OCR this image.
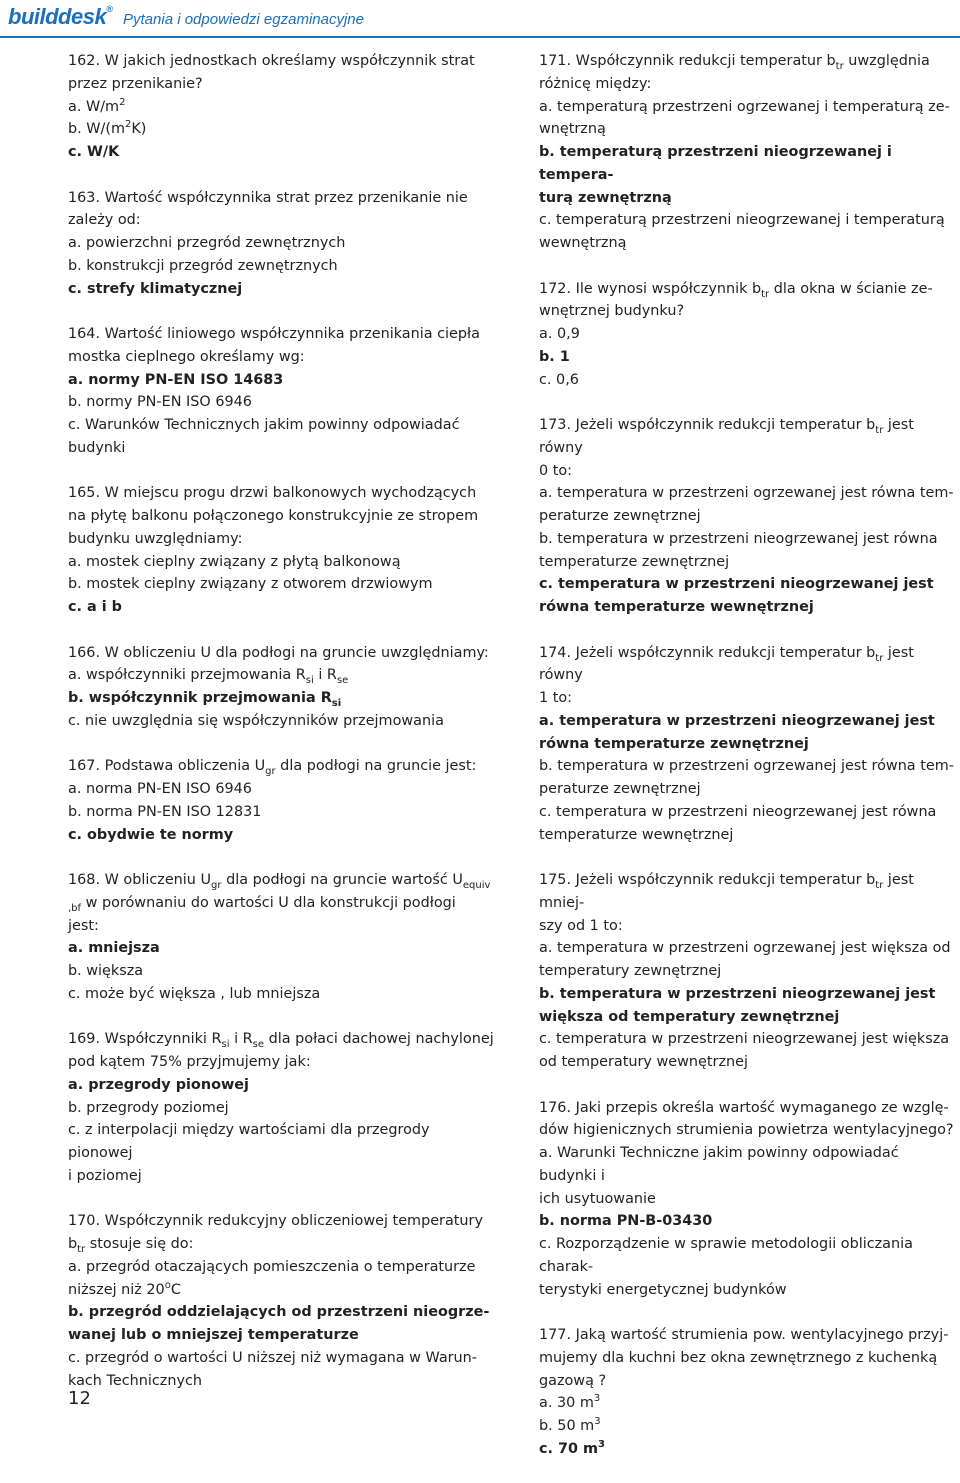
builddesk®
Pytania i odpowiedzi egzaminacyjne
162. W jakich jednostkach określamy współczynnik strat
przez przenikanie?
a. $W/m^2$
b. $W/(m^2K)$
c. W/K
163. Wartość współczynnika strat przez przenikanie nie
zależy od:
a. powierzchni przegród zewnętrznych
b. konstrukcji przegród zewnętrznych
c. strefy klimatycznej
164. Wartość liniowego współczynnika przenikania ciepła
mostka cieplnego określamy wg:
a. normy PN-EN ISO 14683
b. normy PN-EN ISO 6946
c. Warunków Technicznych jakim powinny odpowiadać
budynki
165. W miejscu progu drzwi balkonowych wychodzących
na płytę balkonu połączonego konstrukcyjnie ze stropem
budynku uwzględniamy:
a. mostek cieplny związany z płytą balkonową
b. mostek cieplny związany z otworem drzwiowym
c. a i b
166. W obliczeniu U dla podłogi na gruncie uwzględniamy:
a. współczynniki przejmowania $R_{si}$ i $R_{se}$
b. współczynnik przejmowania $R_{si}$
c. nie uwzględnia się współczynników przejmowania
167. Podstawa obliczenia $U_{gr}$ dla podłogi na gruncie jest:
a. norma PN-EN ISO 6946
b. norma PN-EN ISO 12831
c. obydwie te normy
168. W obliczeniu $U_{gr}$ dla podłogi na gruncie wartość $U_{equiv}$
$_{,bf}$ w porównaniu do wartości U dla konstrukcji podłogi
jest:
a. mniejsza
b. większa
c. może być większa , lub mniejsza
169. Współczynniki $R_{si}$ i $R_{se}$ dla połaci dachowej nachylonej
pod kątem 75% przyjmujemy jak:
a. przegrody pionowej
b. przegrody poziomej
c. z interpolacji między wartościami dla przegrody pionowej
i poziomej
170. Współczynnik redukcyjny obliczeniowej temperatury
$b_{tr}$ stosuje się do:
a. przegród otaczających pomieszczenia o temperaturze
niższej niż 20$^o$C
b. przegród oddzielających od przestrzeni nieogrze-
wanej lub o mniejszej temperaturze
c. przegród o wartości U niższej niż wymagana w Warun-
kach Technicznych
171. Współczynnik redukcji temperatur $b_{tr}$ uwzględnia
różnicę między:
a. temperaturą przestrzeni ogrzewanej i temperaturą ze-
wnętrzną
b. temperaturą przestrzeni nieogrzewanej i tempera-
turą zewnętrzną
c. temperaturą przestrzeni nieogrzewanej i temperaturą
wewnętrzną
172. Ile wynosi współczynnik $b_{tr}$ dla okna w ścianie ze-
wnętrznej budynku?
a. 0,9
b. 1
c. 0,6
173. Jeżeli współczynnik redukcji temperatur $b_{tr}$ jest równy
0 to:
a. temperatura w przestrzeni ogrzewanej jest równa tem-
peraturze zewnętrznej
b. temperatura w przestrzeni nieogrzewanej jest równa
temperaturze zewnętrznej
c. temperatura w przestrzeni nieogrzewanej jest
równa temperaturze wewnętrznej
174. Jeżeli współczynnik redukcji temperatur $b_{tr}$ jest równy
1 to:
a. temperatura w przestrzeni nieogrzewanej jest
równa temperaturze zewnętrznej
b. temperatura w przestrzeni ogrzewanej jest równa tem-
peraturze zewnętrznej
c. temperatura w przestrzeni nieogrzewanej jest równa
temperaturze wewnętrznej
175. Jeżeli współczynnik redukcji temperatur $b_{tr}$ jest mniej-
szy od 1 to:
a. temperatura w przestrzeni ogrzewanej jest większa od
temperatury zewnętrznej
b. temperatura w przestrzeni nieogrzewanej jest
większa od temperatury zewnętrznej
c. temperatura w przestrzeni nieogrzewanej jest większa
od temperatury wewnętrznej
176. Jaki przepis określa wartość wymaganego ze wzglę-
dów higienicznych strumienia powietrza wentylacyjnego?
a. Warunki Techniczne jakim powinny odpowiadać budynki i
ich usytuowanie
b. norma PN-B-03430
c. Rozporządzenie w sprawie metodologii obliczania charak-
terystyki energetycznej budynków
177. Jaką wartość strumienia pow. wentylacyjnego przyj-
mujemy dla kuchni bez okna zewnętrznego z kuchenką
gazową ?
a. 30 $m^3$
b. 50 $m^3$
c. 70 $m^3$
12
